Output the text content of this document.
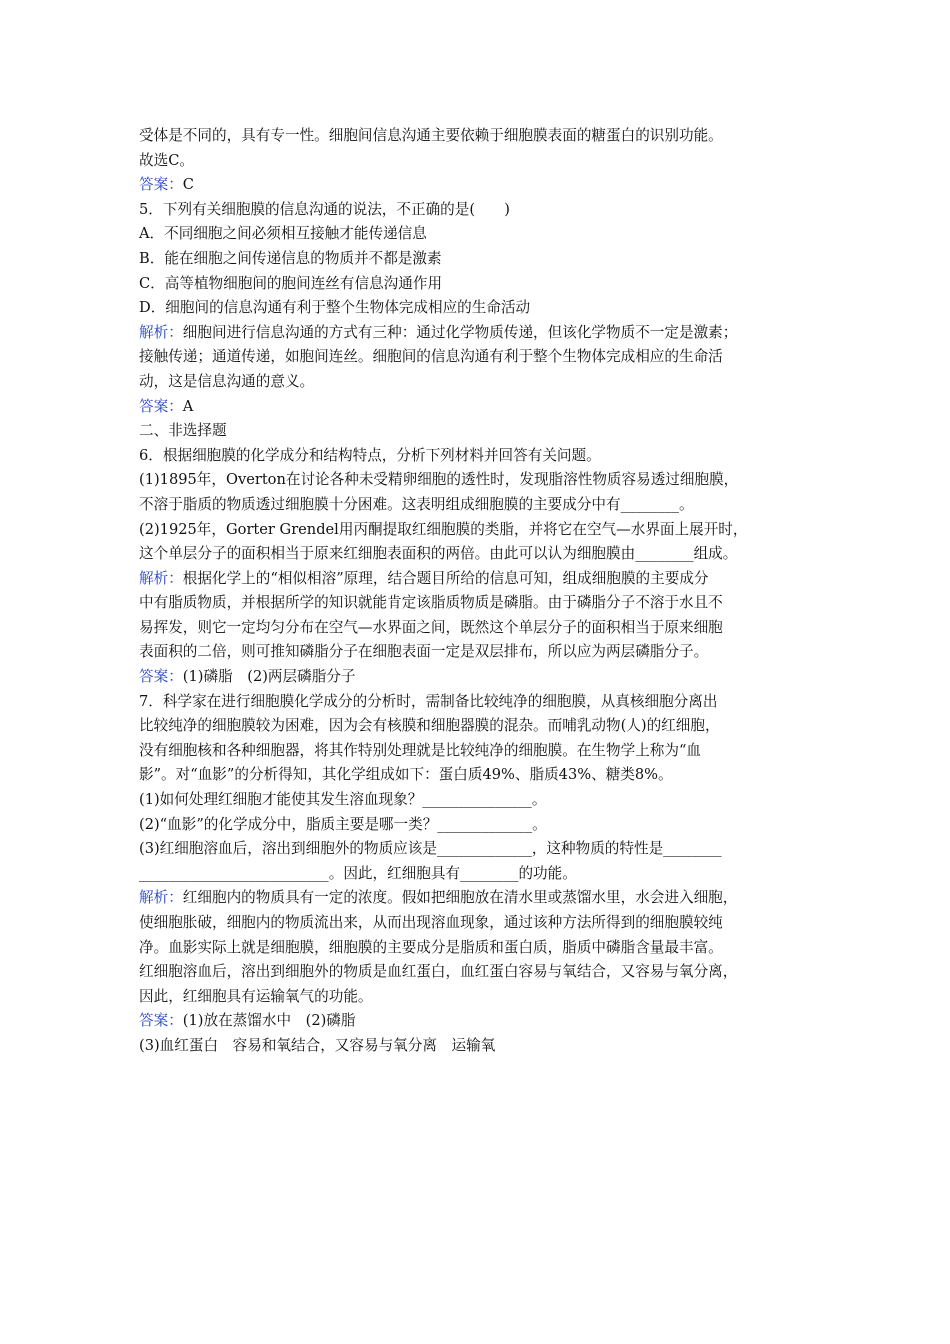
受体是不同的，具有专一性。细胞间信息沟通主要依赖于细胞膜表面的糖蛋白的识别功能。
故选C。
答案：C
5．下列有关细胞膜的信息沟通的说法，不正确的是(　　)
A．不同细胞之间必须相互接触才能传递信息
B．能在细胞之间传递信息的物质并不都是激素
C．高等植物细胞间的胞间连丝有信息沟通作用
D．细胞间的信息沟通有利于整个生物体完成相应的生命活动
解析：细胞间进行信息沟通的方式有三种：通过化学物质传递，但该化学物质不一定是激素；
接触传递；通道传递，如胞间连丝。细胞间的信息沟通有利于整个生物体完成相应的生命活
动，这是信息沟通的意义。
答案：A
二、非选择题
6．根据细胞膜的化学成分和结构特点，分析下列材料并回答有关问题。
(1)1895年，Overton在讨论各种未受精卵细胞的透性时，发现脂溶性物质容易透过细胞膜，
不溶于脂质的物质透过细胞膜十分困难。这表明组成细胞膜的主要成分中有________。
(2)1925年，Gorter Grendel用丙酮提取红细胞膜的类脂，并将它在空气—水界面上展开时，
这个单层分子的面积相当于原来红细胞表面积的两倍。由此可以认为细胞膜由________组成。
解析：根据化学上的“相似相溶”原理，结合题目所给的信息可知，组成细胞膜的主要成分
中有脂质物质，并根据所学的知识就能肯定该脂质物质是磷脂。由于磷脂分子不溶于水且不
易挥发，则它一定均匀分布在空气—水界面之间，既然这个单层分子的面积相当于原来细胞
表面积的二倍，则可推知磷脂分子在细胞表面一定是双层排布，所以应为两层磷脂分子。
答案：(1)磷脂　(2)两层磷脂分子
7．科学家在进行细胞膜化学成分的分析时，需制备比较纯净的细胞膜，从真核细胞分离出
比较纯净的细胞膜较为困难，因为会有核膜和细胞器膜的混杂。而哺乳动物(人)的红细胞，
没有细胞核和各种细胞器，将其作特别处理就是比较纯净的细胞膜。在生物学上称为“血
影”。对“血影”的分析得知，其化学组成如下：蛋白质49%、脂质43%、糖类8%。
(1)如何处理红细胞才能使其发生溶血现象？_______________。
(2)“血影”的化学成分中，脂质主要是哪一类？_____________。
(3)红细胞溶血后，溶出到细胞外的物质应该是_____________，这种物质的特性是________
__________________________。因此，红细胞具有________的功能。
解析：红细胞内的物质具有一定的浓度。假如把细胞放在清水里或蒸馏水里，水会进入细胞，
使细胞胀破，细胞内的物质流出来，从而出现溶血现象，通过该种方法所得到的细胞膜较纯
净。血影实际上就是细胞膜，细胞膜的主要成分是脂质和蛋白质，脂质中磷脂含量最丰富。
红细胞溶血后，溶出到细胞外的物质是血红蛋白，血红蛋白容易与氧结合，又容易与氧分离，
因此，红细胞具有运输氧气的功能。
答案：(1)放在蒸馏水中　(2)磷脂
(3)血红蛋白　容易和氧结合，又容易与氧分离　运输氧
